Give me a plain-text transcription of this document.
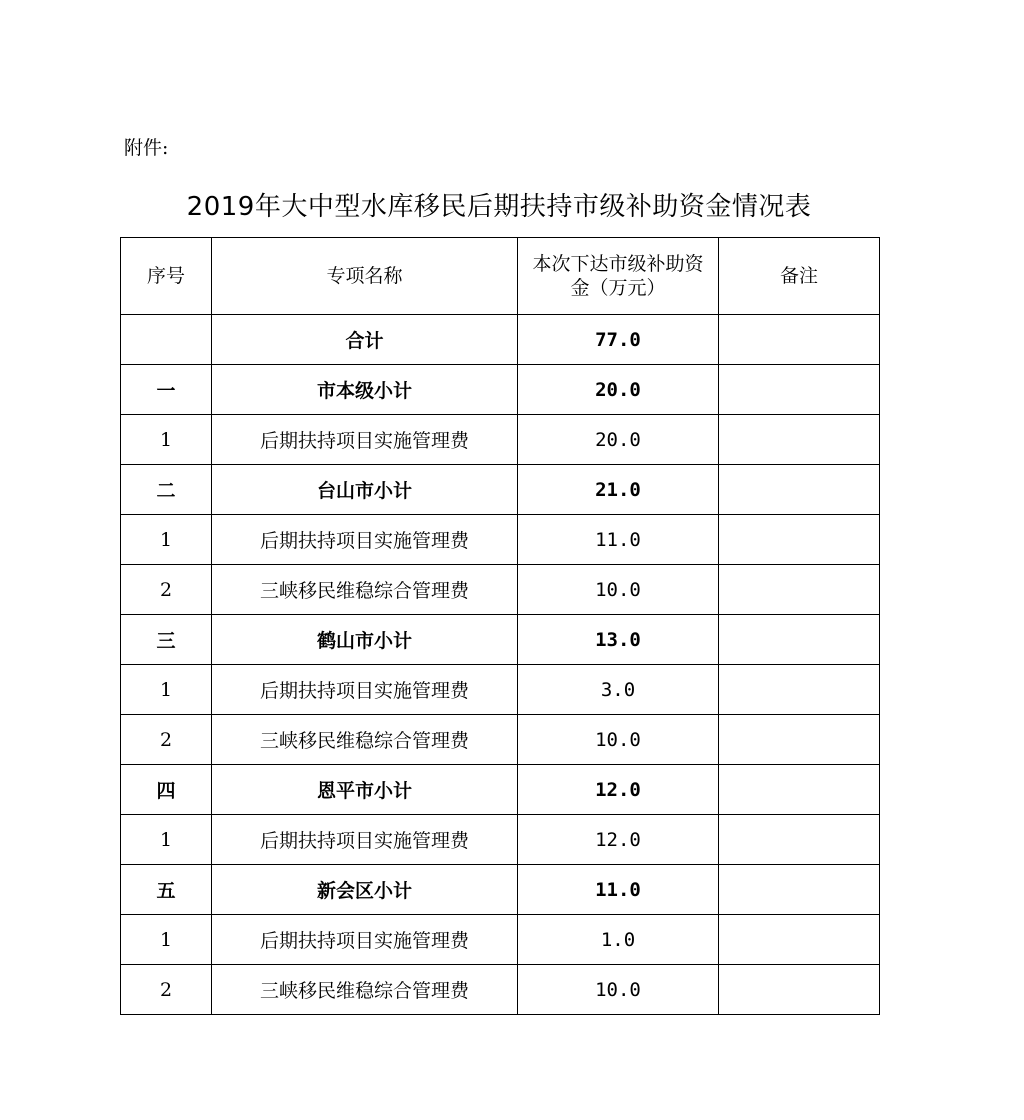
附件:
2019年大中型水库移民后期扶持市级补助资金情况表
序号	专项名称	本次下达市级补助资金（万元）	备注
	合计	77.0	
一	市本级小计	20.0	
1	后期扶持项目实施管理费	20.0	
二	台山市小计	21.0	
1	后期扶持项目实施管理费	11.0	
2	三峡移民维稳综合管理费	10.0	
三	鹤山市小计	13.0	
1	后期扶持项目实施管理费	3.0	
2	三峡移民维稳综合管理费	10.0	
四	恩平市小计	12.0	
1	后期扶持项目实施管理费	12.0	
五	新会区小计	11.0	
1	后期扶持项目实施管理费	1.0	
2	三峡移民维稳综合管理费	10.0	
